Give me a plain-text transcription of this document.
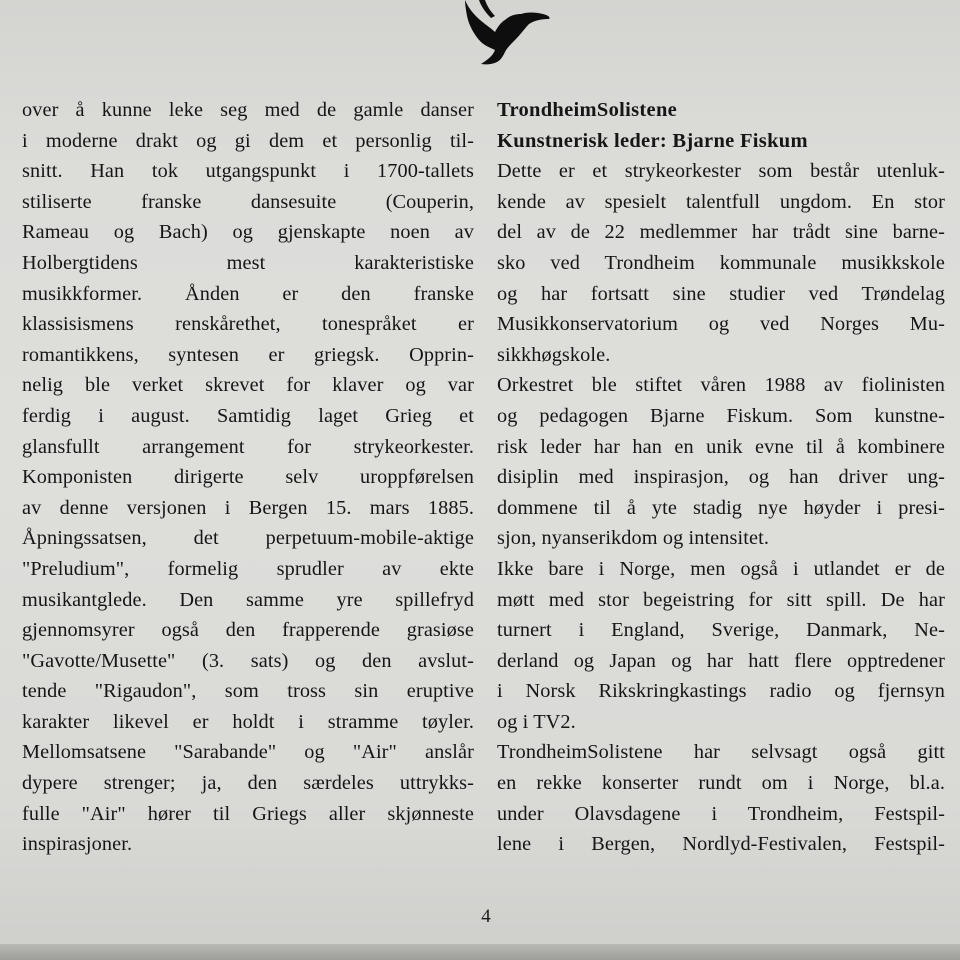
over å kunne leke seg med de gamle danser
i moderne drakt og gi dem et personlig til-
snitt. Han tok utgangspunkt i 1700-tallets
stiliserte franske dansesuite (Couperin,
Rameau og Bach) og gjenskapte noen av
Holbergtidens mest karakteristiske
musikkformer. Ånden er den franske
klassisismens renskårethet, tonespråket er
romantikkens, syntesen er griegsk. Opprin-
nelig ble verket skrevet for klaver og var
ferdig i august. Samtidig laget Grieg et
glansfullt arrangement for strykeorkester.
Komponisten dirigerte selv uroppførelsen
av denne versjonen i Bergen 15. mars 1885.
Åpningssatsen, det perpetuum-mobile-aktige
"Preludium", formelig sprudler av ekte
musikantglede. Den samme yre spillefryd
gjennomsyrer også den frapperende grasiøse
"Gavotte/Musette" (3. sats) og den avslut-
tende "Rigaudon", som tross sin eruptive
karakter likevel er holdt i stramme tøyler.
Mellomsatsene "Sarabande" og "Air" anslår
dypere strenger; ja, den særdeles uttrykks-
fulle "Air" hører til Griegs aller skjønneste
inspirasjoner.
TrondheimSolistene
Kunstnerisk leder: Bjarne Fiskum
Dette er et strykeorkester som består utenluk-
kende av spesielt talentfull ungdom. En stor
del av de 22 medlemmer har trådt sine barne-
sko ved Trondheim kommunale musikkskole
og har fortsatt sine studier ved Trøndelag
Musikkonservatorium og ved Norges Mu-
sikkhøgskole.
Orkestret ble stiftet våren 1988 av fiolinisten
og pedagogen Bjarne Fiskum. Som kunstne-
risk leder har han en unik evne til å kombinere
disiplin med inspirasjon, og han driver ung-
dommene til å yte stadig nye høyder i presi-
sjon, nyanserikdom og intensitet.
Ikke bare i Norge, men også i utlandet er de
møtt med stor begeistring for sitt spill. De har
turnert i England, Sverige, Danmark, Ne-
derland og Japan og har hatt flere opptredener
i Norsk Rikskringkastings radio og fjernsyn
og i TV2.
TrondheimSolistene har selvsagt også gitt
en rekke konserter rundt om i Norge, bl.a.
under Olavsdagene i Trondheim, Festspil-
lene i Bergen, Nordlyd-Festivalen, Festspil-
4
